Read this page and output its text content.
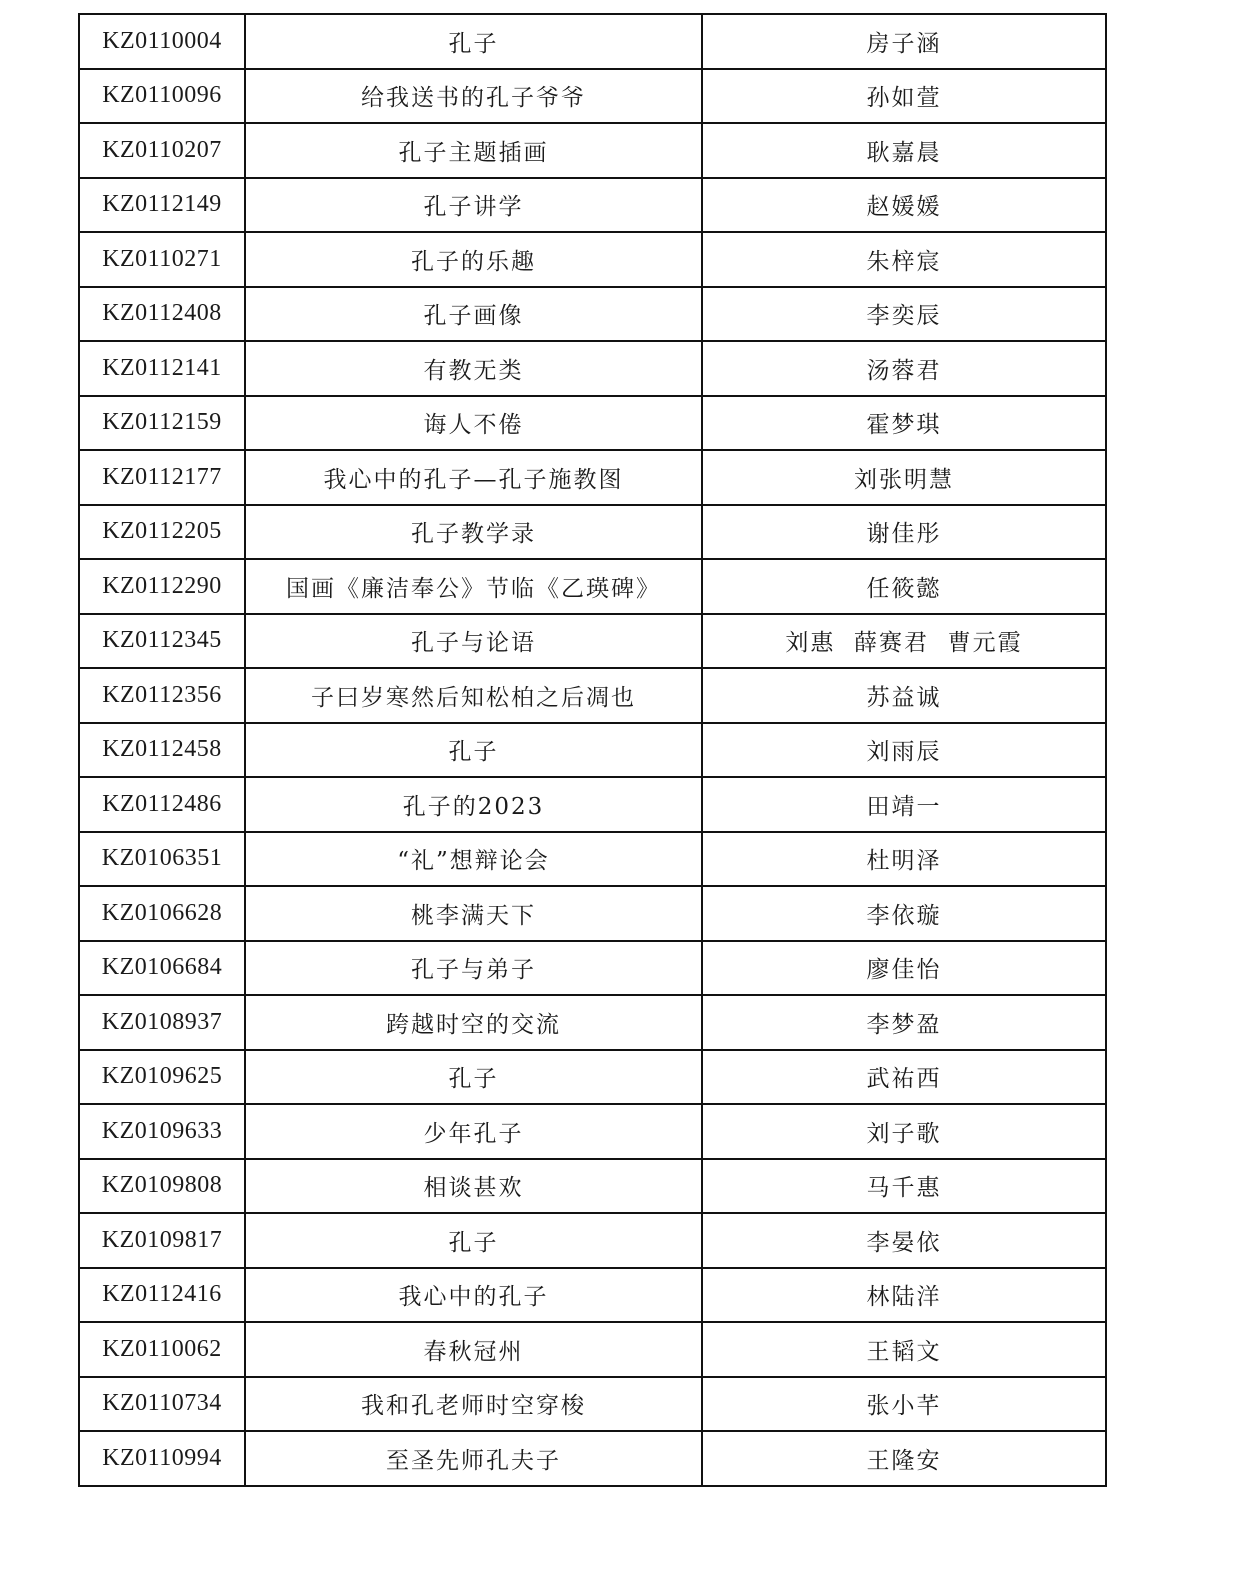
KZ0110004	孔子	房子涵
KZ0110096	给我送书的孔子爷爷	孙如萱
KZ0110207	孔子主题插画	耿嘉晨
KZ0112149	孔子讲学	赵媛媛
KZ0110271	孔子的乐趣	朱梓宸
KZ0112408	孔子画像	李奕辰
KZ0112141	有教无类	汤蓉君
KZ0112159	诲人不倦	霍梦琪
KZ0112177	我心中的孔子—孔子施教图	刘张明慧
KZ0112205	孔子教学录	谢佳彤
KZ0112290	国画《廉洁奉公》节临《乙瑛碑》	任筱懿
KZ0112345	孔子与论语	刘惠  薛赛君  曹元霞
KZ0112356	子曰岁寒然后知松柏之后凋也	苏益诚
KZ0112458	孔子	刘雨辰
KZ0112486	孔子的2023	田靖一
KZ0106351	“礼”想辩论会	杜明泽
KZ0106628	桃李满天下	李依璇
KZ0106684	孔子与弟子	廖佳怡
KZ0108937	跨越时空的交流	李梦盈
KZ0109625	孔子	武祐西
KZ0109633	少年孔子	刘子歌
KZ0109808	相谈甚欢	马千惠
KZ0109817	孔子	李晏依
KZ0112416	我心中的孔子	林陆洋
KZ0110062	春秋冠州	王韬文
KZ0110734	我和孔老师时空穿梭	张小芊
KZ0110994	至圣先师孔夫子	王隆安
